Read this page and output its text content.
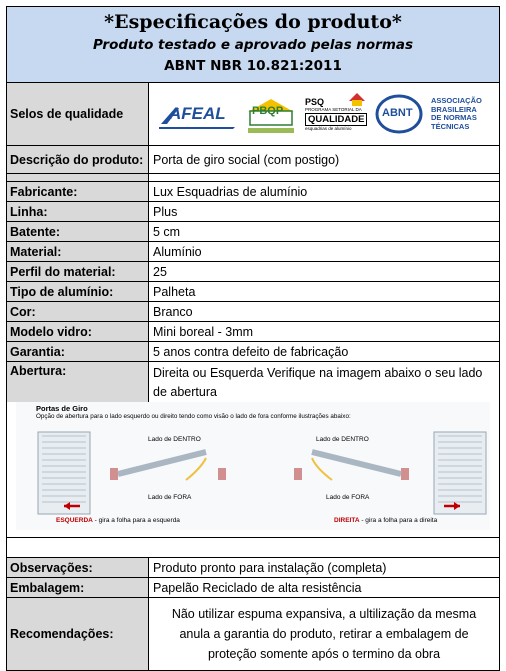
*Especificações do produto*
Produto testado e aprovado pelas normas
ABNT NBR 10.821:2011
Selos de qualidade	AFEAL PBQP
PSQ
PROGRAMA SETORIAL DA
QUALIDADE
esquadrias de alumínio
ABNT
ASSOCIAÇÃO
BRASILEIRA
DE NORMAS
TÉCNICAS
Descrição do produto: Porta de giro social (com postigo)
Fabricante:	Lux Esquadrias de alumínio
Linha:	Plus
Batente:	5 cm
Material:	Alumínio
Perfil do material:	25
Tipo de alumínio:	Palheta
Cor:	Branco
Modelo vidro:	Mini boreal - 3mm
Garantia:	5 anos contra defeito de fabricação
Abertura:	Direita ou Esquerda Verifique na imagem abaixo o seu lado de abertura
Portas de Giro
Opção de abertura para o lado esquerdo ou direito tendo como visão o lado de fora conforme ilustrações abaixo:
Lado de DENTRO
Lado de FORA
Lado de DENTRO
Lado de FORA
ESQUERDA - gira a folha para a esquerda	DIREITA - gira a folha para a direita
Observações:	Produto pronto para instalação (completa)
Embalagem:	Papelão Reciclado de alta resistência
Recomendações:
Não utilizar espuma expansiva, a ultilização da mesma anula a garantia do produto, retirar a embalagem de proteção somente após o termino da obra
